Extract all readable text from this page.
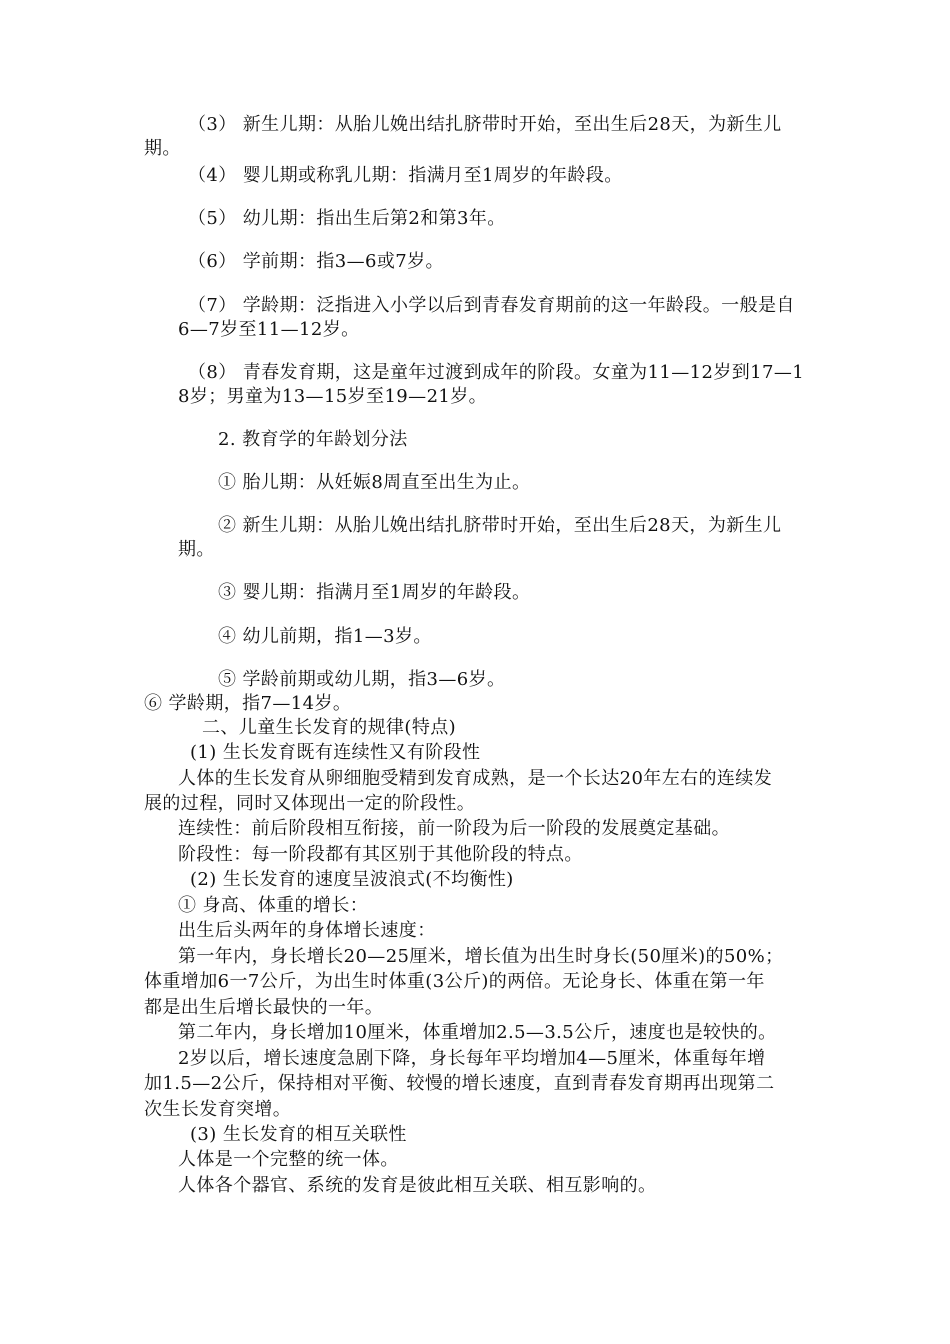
（3） 新生儿期：从胎儿娩出结扎脐带时开始，至出生后28天，为新生儿
期。
（4） 婴儿期或称乳儿期：指满月至1周岁的年龄段。
（5） 幼儿期：指出生后第2和第3年。
（6） 学前期：指3—6或7岁。
（7） 学龄期：泛指进入小学以后到青春发育期前的这一年龄段。一般是自
6—7岁至11—12岁。
（8） 青春发育期，这是童年过渡到成年的阶段。女童为11—12岁到17—1
8岁；男童为13—15岁至19—21岁。
2. 教育学的年龄划分法
① 胎儿期：从妊娠8周直至出生为止。
② 新生儿期：从胎儿娩出结扎脐带时开始，至出生后28天，为新生儿
期。
③ 婴儿期：指满月至1周岁的年龄段。
④ 幼儿前期，指1—3岁。
⑤ 学龄前期或幼儿期，指3—6岁。
⑥ 学龄期，指7—14岁。
二、儿童生长发育的规律(特点)
(1) 生长发育既有连续性又有阶段性
人体的生长发育从卵细胞受精到发育成熟，是一个长达20年左右的连续发
展的过程，同时又体现出一定的阶段性。
连续性：前后阶段相互衔接，前一阶段为后一阶段的发展奠定基础。
阶段性：每一阶段都有其区别于其他阶段的特点。
(2) 生长发育的速度呈波浪式(不均衡性)
① 身高、体重的增长：
出生后头两年的身体增长速度：
第一年内，身长增长20—25厘米，增长值为出生时身长(50厘米)的50%；
体重增加6一7公斤，为出生时体重(3公斤)的两倍。无论身长、体重在第一年
都是出生后增长最快的一年。
第二年内，身长增加10厘米，体重增加2.5—3.5公斤，速度也是较快的。
2岁以后，增长速度急剧下降，身长每年平均增加4—5厘米，体重每年增
加1.5—2公斤，保持相对平衡、较慢的增长速度，直到青春发育期再出现第二
次生长发育突增。
(3) 生长发育的相互关联性
人体是一个完整的统一体。
人体各个器官、系统的发育是彼此相互关联、相互影响的。
